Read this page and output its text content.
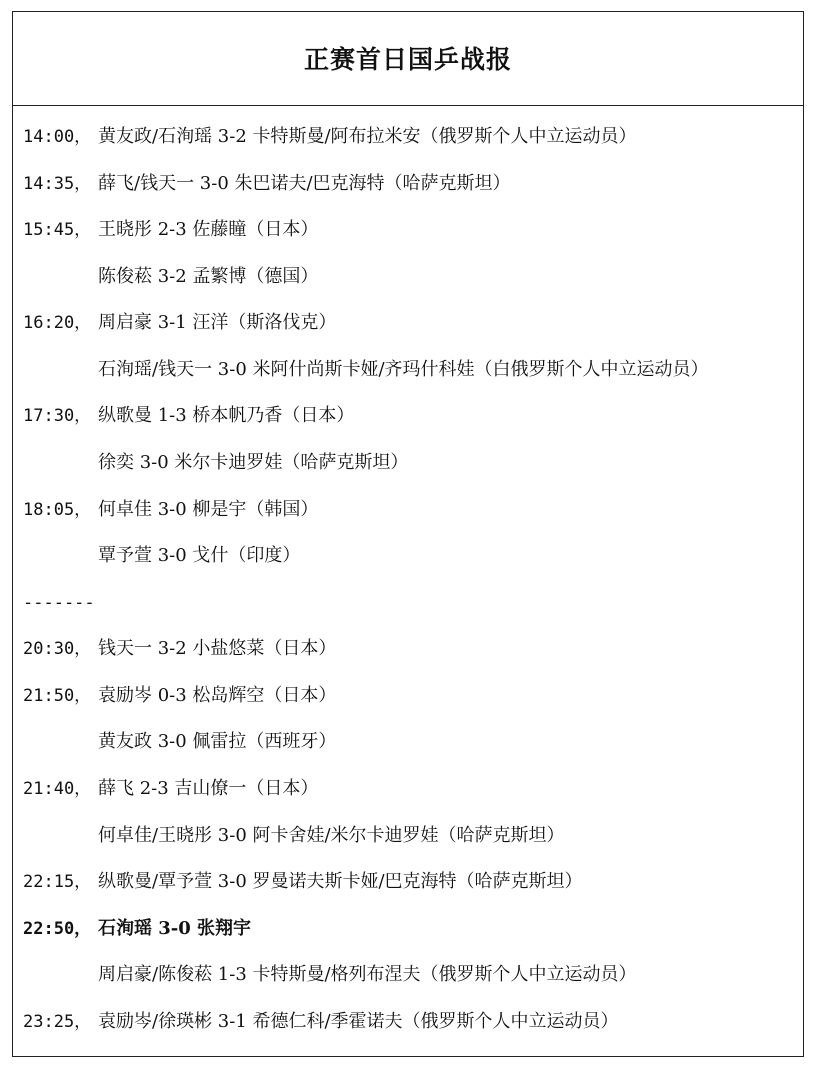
正赛首日国乒战报
14:00， 黄友政/石洵瑶 3-2 卡特斯曼/阿布拉米安（俄罗斯个人中立运动员）
14:35， 薛飞/钱天一 3-0 朱巴诺夫/巴克海特（哈萨克斯坦）
15:45， 王晓彤 2-3 佐藤瞳（日本）
陈俊菘 3-2 孟繁博（德国）
16:20， 周启豪 3-1 汪洋（斯洛伐克）
石洵瑶/钱天一 3-0 米阿什尚斯卡娅/齐玛什科娃（白俄罗斯个人中立运动员）
17:30， 纵歌曼 1-3 桥本帆乃香（日本）
徐奕 3-0 米尔卡迪罗娃（哈萨克斯坦）
18:05， 何卓佳 3-0 柳是宇（韩国）
覃予萱 3-0 戈什（印度）
-------
20:30， 钱天一 3-2 小盐悠菜（日本）
21:50， 袁励岑 0-3 松岛辉空（日本）
黄友政 3-0 佩雷拉（西班牙）
21:40， 薛飞 2-3 吉山僚一（日本）
何卓佳/王晓彤 3-0 阿卡舍娃/米尔卡迪罗娃（哈萨克斯坦）
22:15， 纵歌曼/覃予萱 3-0 罗曼诺夫斯卡娅/巴克海特（哈萨克斯坦）
22:50， 石洵瑶 3-0 张翔宇
周启豪/陈俊菘 1-3 卡特斯曼/格列布涅夫（俄罗斯个人中立运动员）
23:25， 袁励岑/徐瑛彬 3-1 希德仁科/季霍诺夫（俄罗斯个人中立运动员）
